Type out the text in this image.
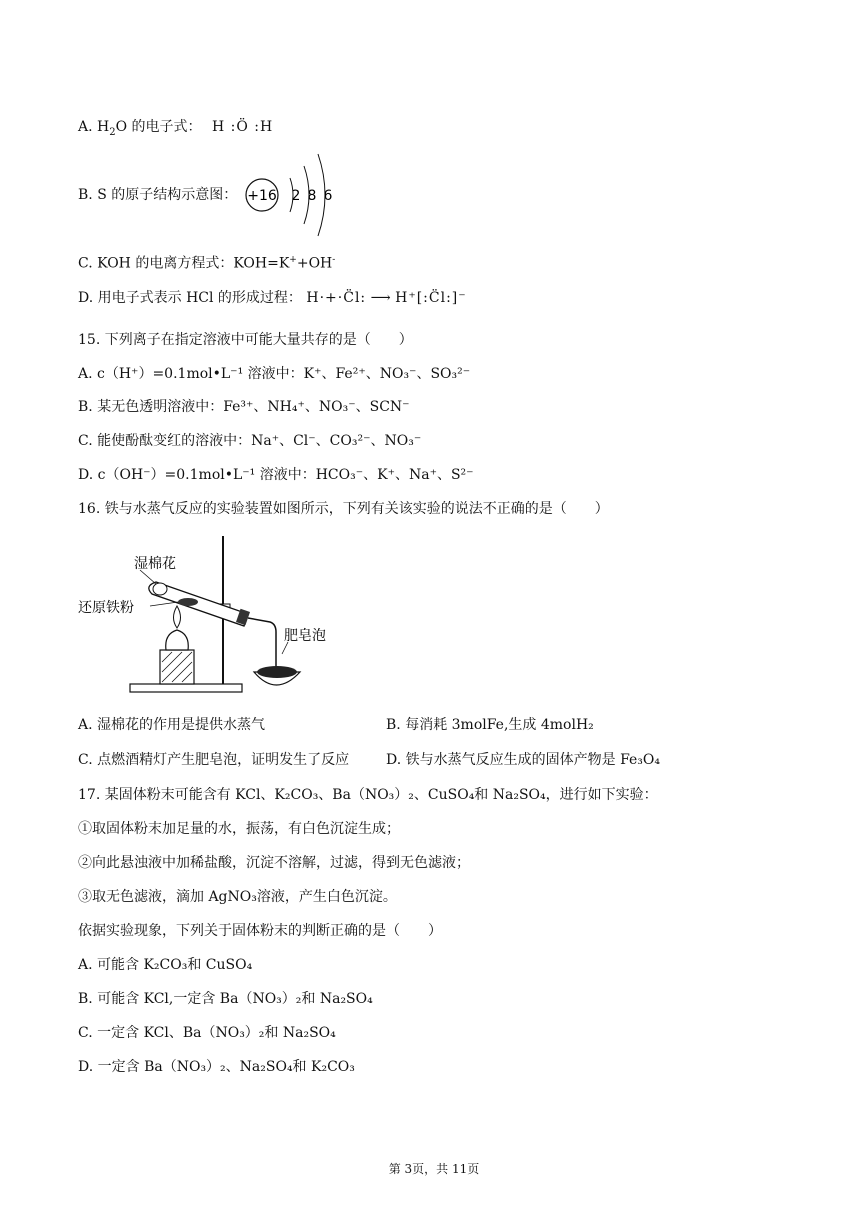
A. $H_2O$ 的电子式： H :Ö :H
B. S 的原子结构示意图： +16 2 8 6
C. KOH 的电离方程式：KOH=K++OH-
D. 用电子式表示 HCl 的形成过程： H·+·C̈l: ⟶ H⁺[:C̈l:]⁻
15. 下列离子在指定溶液中可能大量共存的是（　　）
A. c（H⁺）=0.1mol•L⁻¹ 溶液中：K⁺、Fe²⁺、NO₃⁻、SO₃²⁻
B. 某无色透明溶液中：Fe³⁺、NH₄⁺、NO₃⁻、SCN⁻
C. 能使酚酞变红的溶液中：Na⁺、Cl⁻、CO₃²⁻、NO₃⁻
D. c（OH⁻）=0.1mol•L⁻¹ 溶液中：HCO₃⁻、K⁺、Na⁺、S²⁻
16. 铁与水蒸气反应的实验装置如图所示，下列有关该实验的说法不正确的是（　　）
湿棉花
还原铁粉
肥皂泡
A. 湿棉花的作用是提供水蒸气	B. 每消耗 3molFe,生成 4molH₂
C. 点燃酒精灯产生肥皂泡，证明发生了反应	D. 铁与水蒸气反应生成的固体产物是 Fe₃O₄
17. 某固体粉末可能含有 KCl、K₂CO₃、Ba（NO₃）₂、CuSO₄和 Na₂SO₄，进行如下实验：
①取固体粉末加足量的水，振荡，有白色沉淀生成；
②向此悬浊液中加稀盐酸，沉淀不溶解，过滤，得到无色滤液；
③取无色滤液，滴加 AgNO₃溶液，产生白色沉淀。
依据实验现象，下列关于固体粉末的判断正确的是（　　）
A. 可能含 K₂CO₃和 CuSO₄
B. 可能含 KCl,一定含 Ba（NO₃）₂和 Na₂SO₄
C. 一定含 KCl、Ba（NO₃）₂和 Na₂SO₄
D. 一定含 Ba（NO₃）₂、Na₂SO₄和 K₂CO₃
第 3页，共 11页
